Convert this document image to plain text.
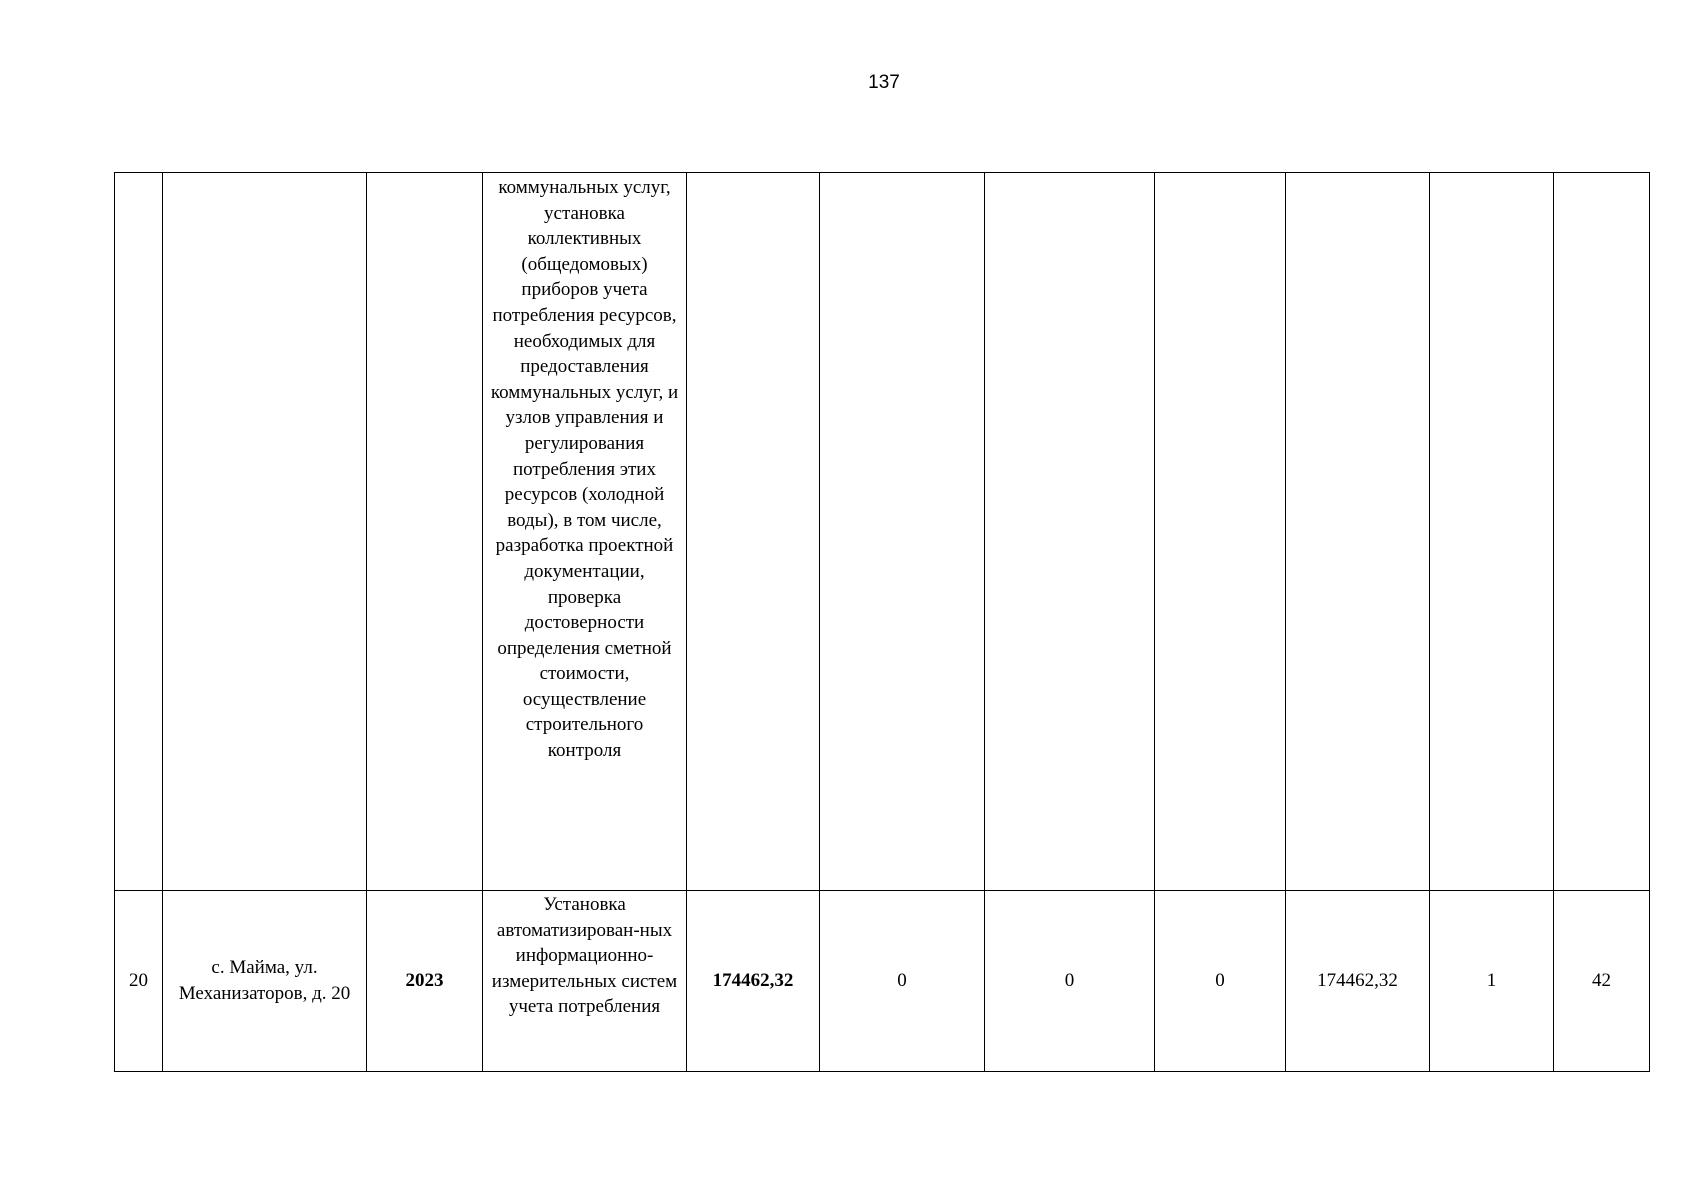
137
			коммунальных услуг, установка коллективных (общедомовых) приборов учета потребления ресурсов, необходимых для предоставления коммунальных услуг, и узлов управления и регулирования потребления этих ресурсов (холодной воды), в том числе, разработка проектной документации, проверка достоверности определения сметной стоимости, осуществление строительного контроля							
20	с. Майма, ул. Механизаторов, д. 20	2023	Установка автоматизирован-ных информационно-измерительных систем учета потребления	174462,32	0	0	0	174462,32	1	42
